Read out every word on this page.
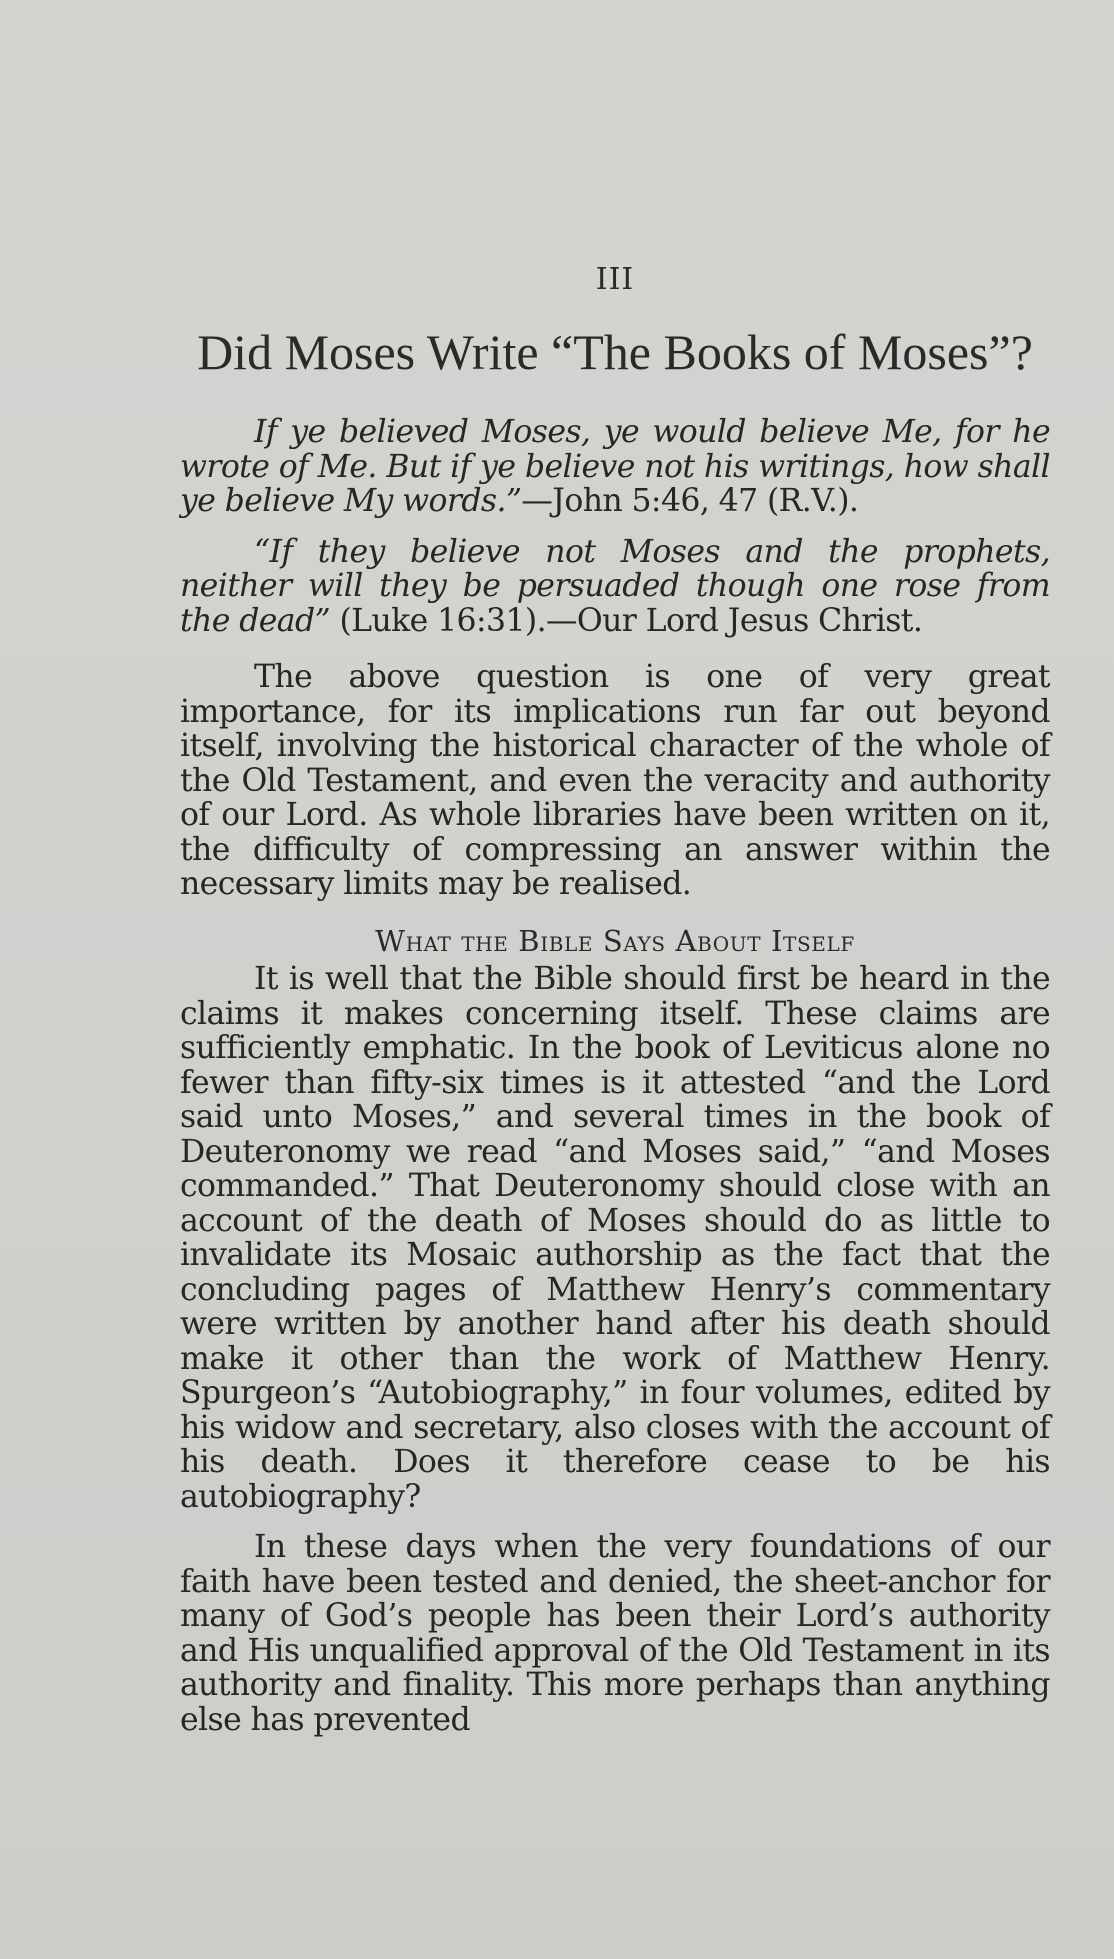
III
Did Moses Write “The Books of Moses”?

If ye believed Moses, ye would believe Me, for he wrote of Me. But if ye believe not his writings, how shall ye believe My words.”—John 5:46, 47 (R.V.).

“If they believe not Moses and the prophets, neither will they be persuaded though one rose from the dead” (Luke 16:31).—Our Lord Jesus Christ.

The above question is one of very great importance, for its implications run far out beyond itself, involving the historical character of the whole of the Old Testament, and even the veracity and authority of our Lord. As whole libraries have been written on it, the difficulty of compressing an answer within the necessary limits may be realised.

What the Bible Says About Itself

It is well that the Bible should first be heard in the claims it makes concerning itself. These claims are sufficiently emphatic. In the book of Leviticus alone no fewer than fifty-six times is it attested “and the Lord said unto Moses,” and several times in the book of Deuteronomy we read “and Moses said,” “and Moses commanded.” That Deuteronomy should close with an account of the death of Moses should do as little to invalidate its Mosaic authorship as the fact that the concluding pages of Matthew Henry’s commentary were written by another hand after his death should make it other than the work of Matthew Henry. Spurgeon’s “Autobiography,” in four volumes, edited by his widow and secretary, also closes with the account of his death. Does it therefore cease to be his autobiography?

In these days when the very foundations of our faith have been tested and denied, the sheet-anchor for many of God’s people has been their Lord’s authority and His unqualified approval of the Old Testament in its authority and finality. This more perhaps than anything else has prevented
